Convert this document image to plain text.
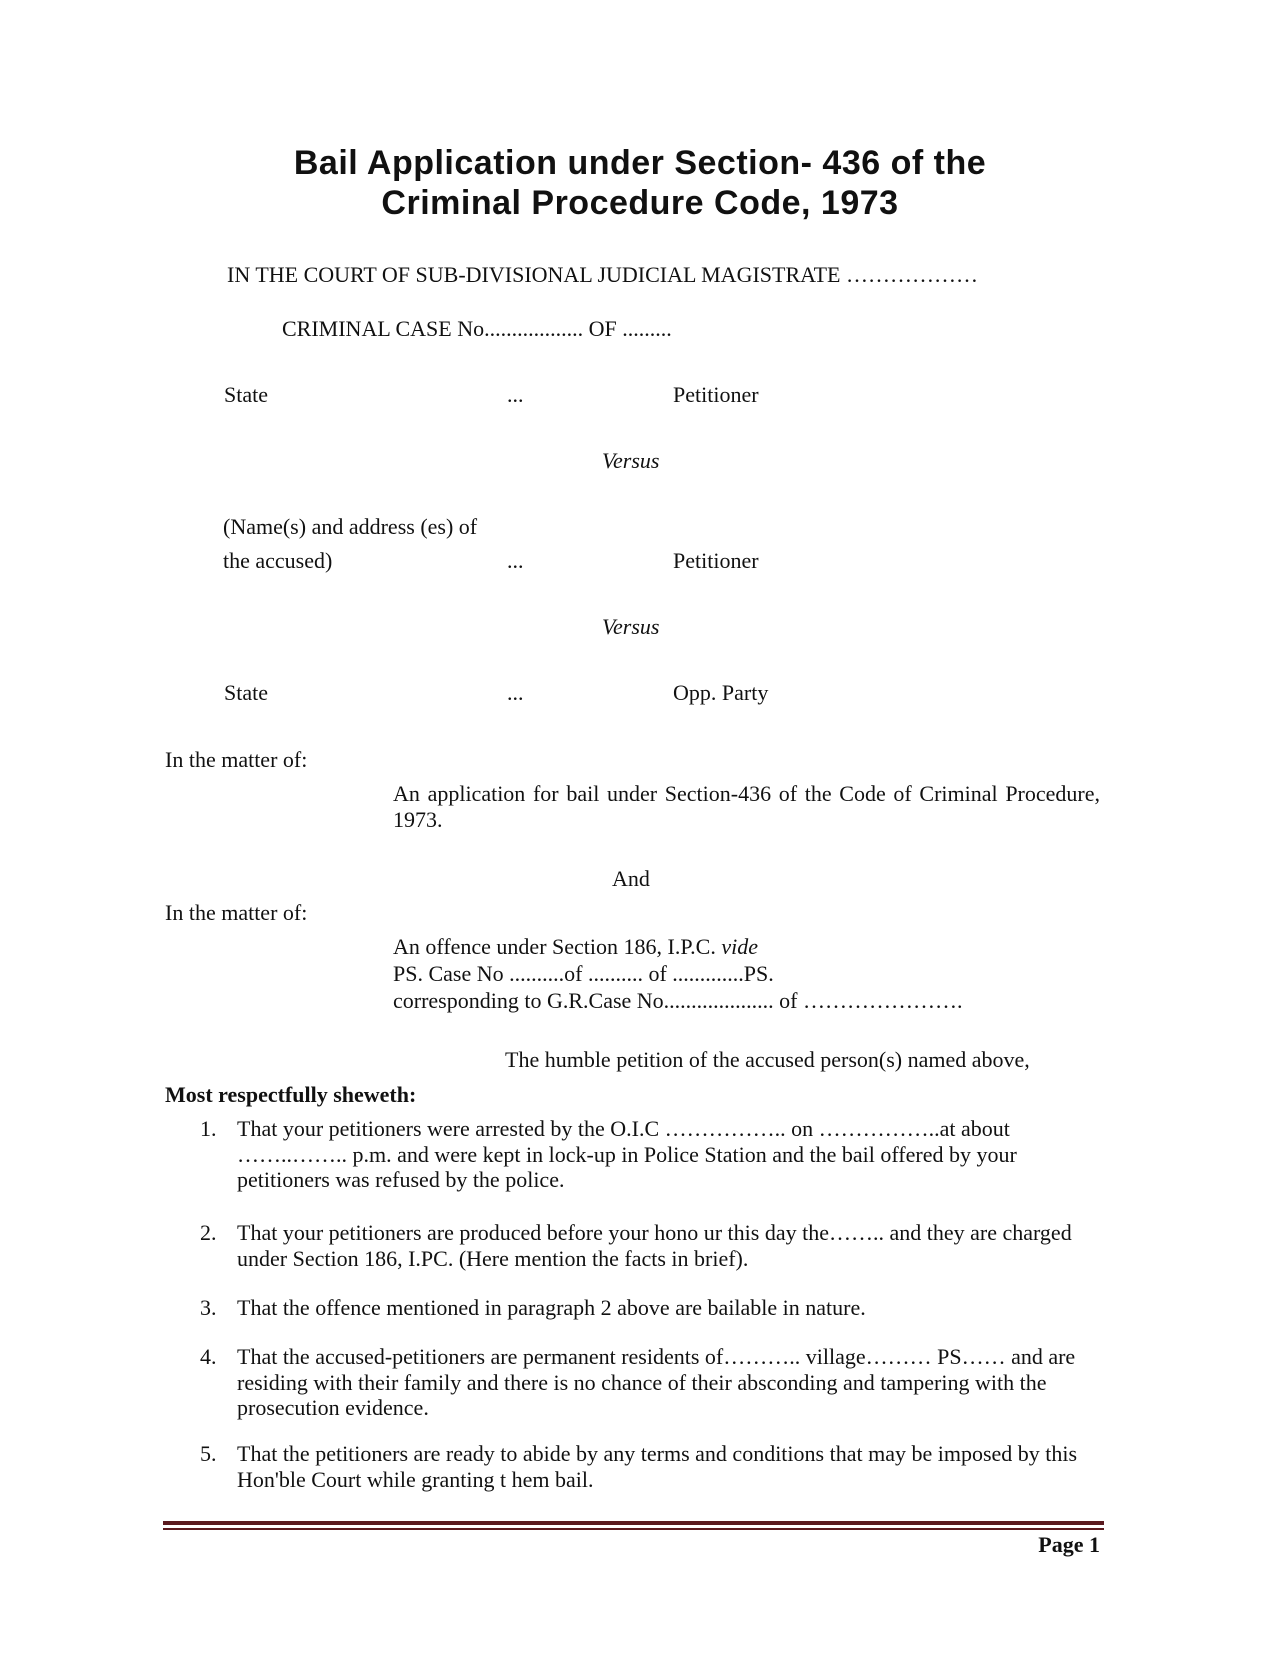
Bail Application under Section- 436 of the
Criminal Procedure Code, 1973
IN THE COURT OF SUB-DIVISIONAL JUDICIAL MAGISTRATE ………………
CRIMINAL CASE No.................. OF .........
State	...	Petitioner
Versus
(Name(s) and address (es) of
the accused)	...	Petitioner
Versus
State	...	Opp. Party
In the matter of:
An application for bail under Section-436 of the Code of Criminal Procedure, 1973.
And
In the matter of:
An offence under Section 186, I.P.C. vide
PS. Case No ..........of .......... of .............PS.
corresponding to G.R.Case No.................... of ………………….
The humble petition of the accused person(s) named above,
Most respectfully sheweth:
1. That your petitioners were arrested by the O.I.C …………….. on ……………..at about ……..…….. p.m. and were kept in lock-up in Police Station and the bail offered by your petitioners was refused by the police.
2. That your petitioners are produced before your hono ur this day the…….. and they are charged under Section 186, I.PC. (Here mention the facts in brief).
3. That the offence mentioned in paragraph 2 above are bailable in nature.
4. That the accused-petitioners are permanent residents of……….. village……… PS…… and are residing with their family and there is no chance of their absconding and tampering with the prosecution evidence.
5. That the petitioners are ready to abide by any terms and conditions that may be imposed by this Hon'ble Court while granting t hem bail.
Page 1
